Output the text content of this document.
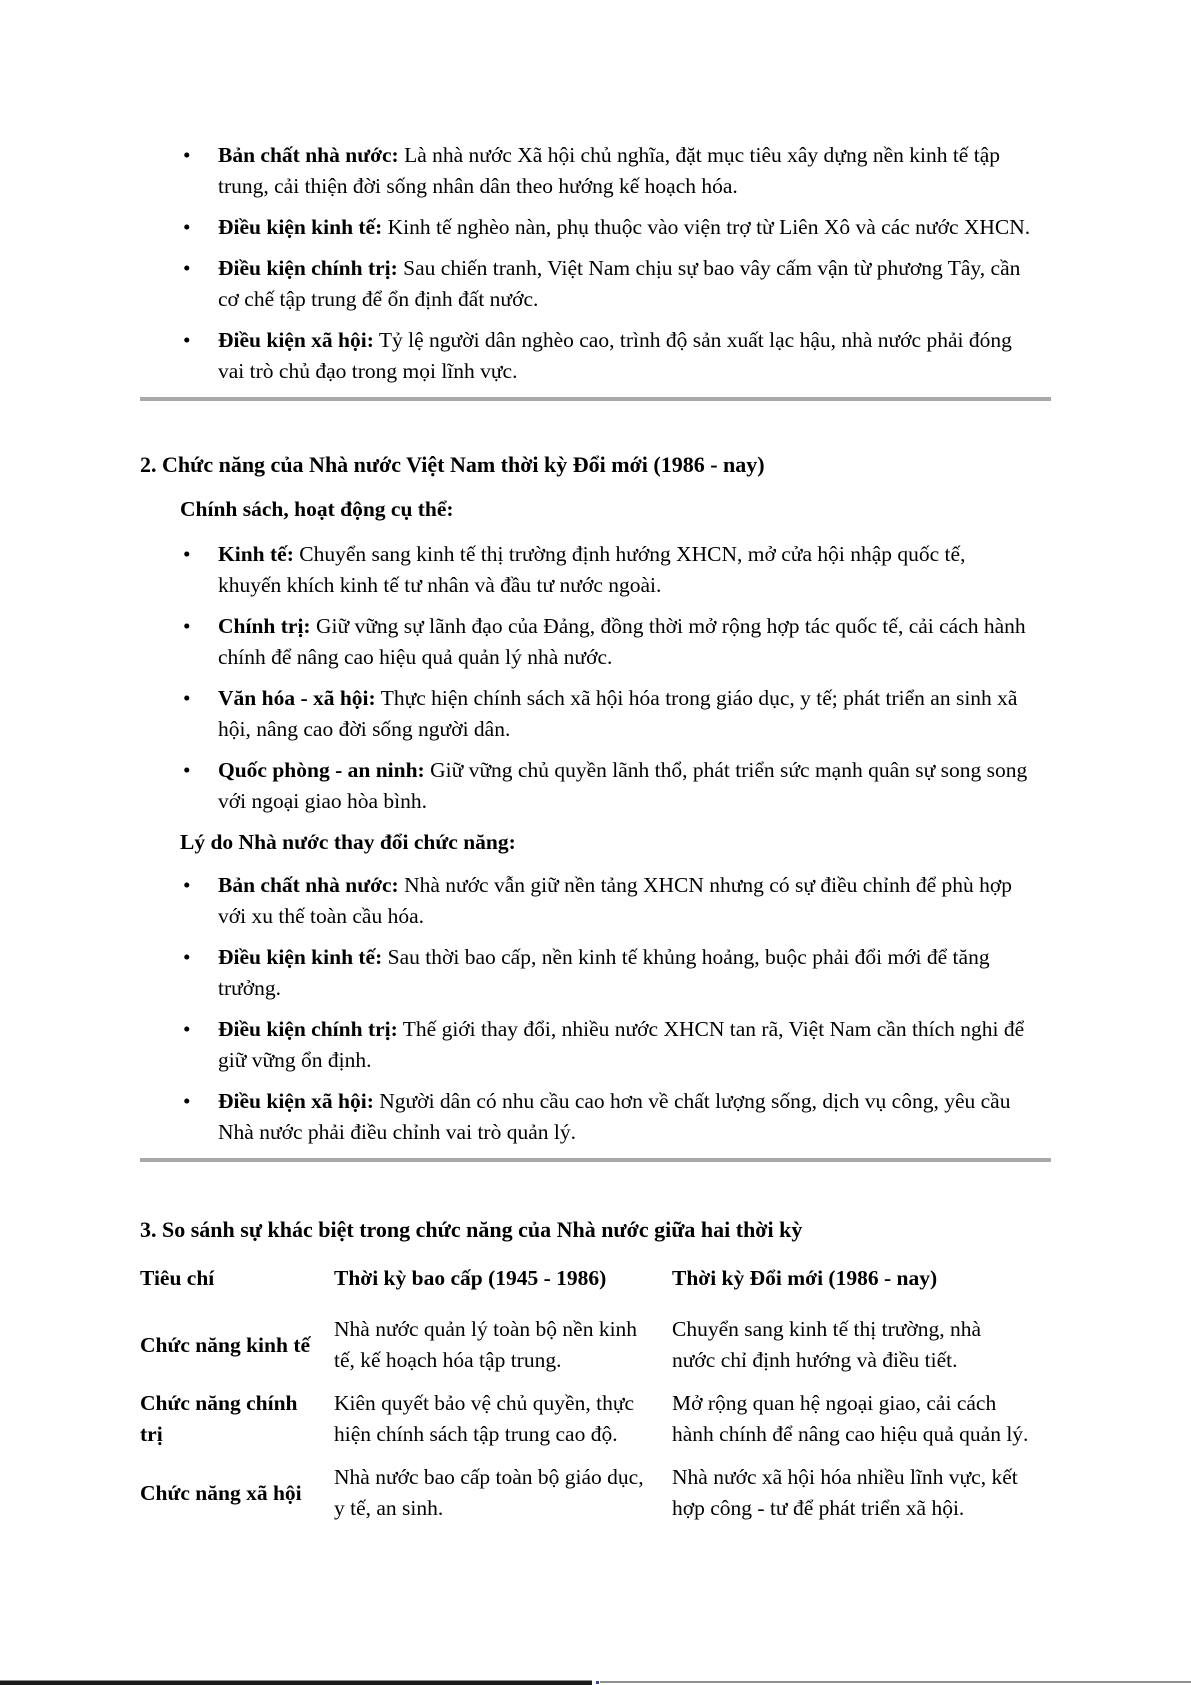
•	Bản chất nhà nước: Là nhà nước Xã hội chủ nghĩa, đặt mục tiêu xây dựng nền kinh tế tập trung, cải thiện đời sống nhân dân theo hướng kế hoạch hóa.

•	Điều kiện kinh tế: Kinh tế nghèo nàn, phụ thuộc vào viện trợ từ Liên Xô và các nước XHCN.

•	Điều kiện chính trị: Sau chiến tranh, Việt Nam chịu sự bao vây cấm vận từ phương Tây, cần cơ chế tập trung để ổn định đất nước.

•	Điều kiện xã hội: Tỷ lệ người dân nghèo cao, trình độ sản xuất lạc hậu, nhà nước phải đóng vai trò chủ đạo trong mọi lĩnh vực.

2. Chức năng của Nhà nước Việt Nam thời kỳ Đổi mới (1986 - nay)
Chính sách, hoạt động cụ thể:
•	Kinh tế: Chuyển sang kinh tế thị trường định hướng XHCN, mở cửa hội nhập quốc tế, khuyến khích kinh tế tư nhân và đầu tư nước ngoài.

•	Chính trị: Giữ vững sự lãnh đạo của Đảng, đồng thời mở rộng hợp tác quốc tế, cải cách hành chính để nâng cao hiệu quả quản lý nhà nước.

•	Văn hóa - xã hội: Thực hiện chính sách xã hội hóa trong giáo dục, y tế; phát triển an sinh xã hội, nâng cao đời sống người dân.

•	Quốc phòng - an ninh: Giữ vững chủ quyền lãnh thổ, phát triển sức mạnh quân sự song song với ngoại giao hòa bình.

Lý do Nhà nước thay đổi chức năng:
•	Bản chất nhà nước: Nhà nước vẫn giữ nền tảng XHCN nhưng có sự điều chỉnh để phù hợp với xu thế toàn cầu hóa.

•	Điều kiện kinh tế: Sau thời bao cấp, nền kinh tế khủng hoảng, buộc phải đổi mới để tăng trưởng.

•	Điều kiện chính trị: Thế giới thay đổi, nhiều nước XHCN tan rã, Việt Nam cần thích nghi để giữ vững ổn định.

•	Điều kiện xã hội: Người dân có nhu cầu cao hơn về chất lượng sống, dịch vụ công, yêu cầu Nhà nước phải điều chỉnh vai trò quản lý.

3. So sánh sự khác biệt trong chức năng của Nhà nước giữa hai thời kỳ
Tiêu chí	Thời kỳ bao cấp (1945 - 1986)	Thời kỳ Đổi mới (1986 - nay)
Chức năng kinh tế	Nhà nước quản lý toàn bộ nền kinh tế, kế hoạch hóa tập trung.	Chuyển sang kinh tế thị trường, nhà nước chỉ định hướng và điều tiết.
Chức năng chính trị	Kiên quyết bảo vệ chủ quyền, thực hiện chính sách tập trung cao độ.	Mở rộng quan hệ ngoại giao, cải cách hành chính để nâng cao hiệu quả quản lý.
Chức năng xã hội	Nhà nước bao cấp toàn bộ giáo dục, y tế, an sinh.	Nhà nước xã hội hóa nhiều lĩnh vực, kết hợp công - tư để phát triển xã hội.
